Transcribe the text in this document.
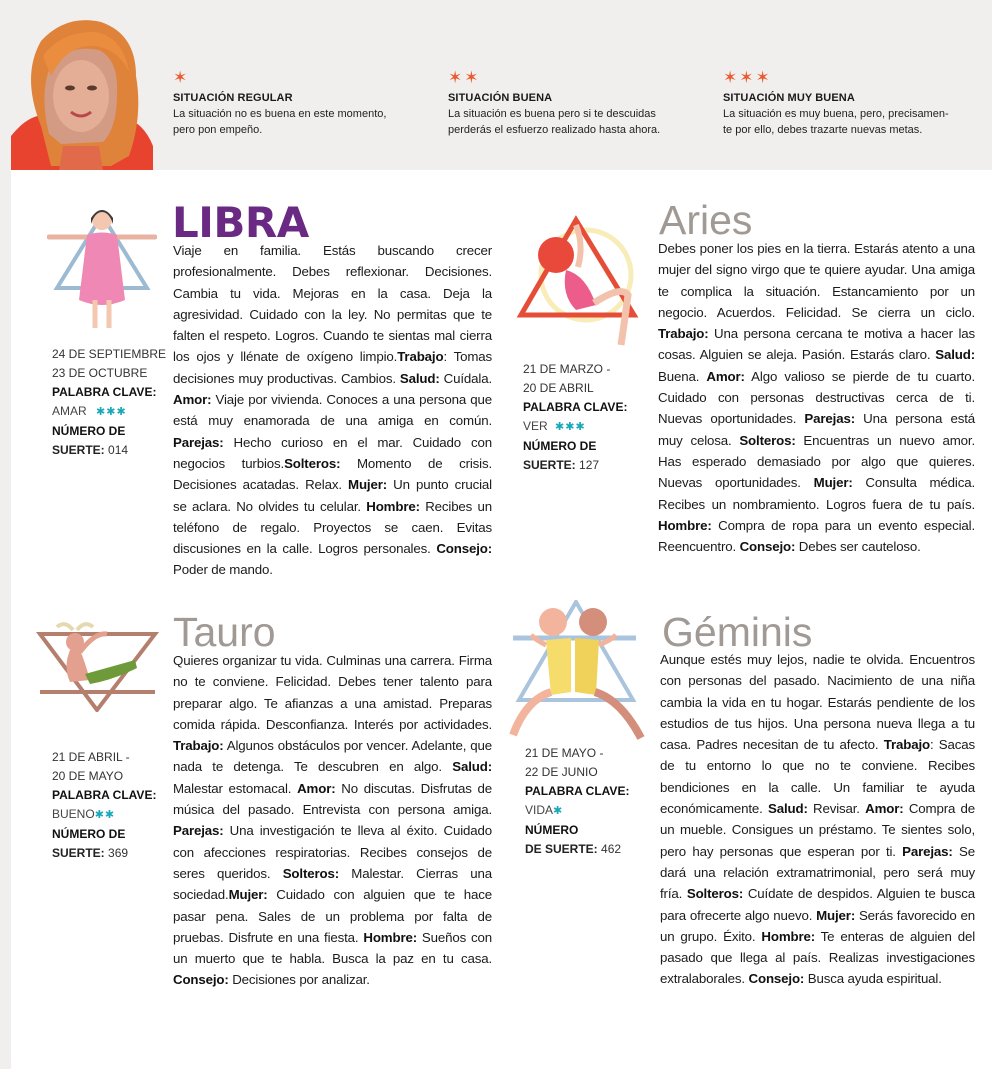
✶
SITUACIÓN REGULAR
La situación no es buena en este momento,
pero pon empeño.
✶✶
SITUACIÓN BUENA
La situación es buena pero si te descuidas
perderás el esfuerzo realizado hasta ahora.
✶✶✶
SITUACIÓN MUY BUENA
La situación es muy buena, pero, precisamen-
te por ello, debes trazarte nuevas metas.
24 DE SEPTIEMBRE
23 DE OCTUBRE
PALABRA CLAVE:
AMAR ✱✱✱
NÚMERO DE
SUERTE: 014
LIBRA
Viaje en familia. Estás buscando crecer profesionalmente. Debes reflexionar. Decisiones. Cambia tu vida. Mejoras en la casa. Deja la agresividad. Cuidado con la ley. No permitas que te falten el respeto. Logros. Cuando te sientas mal cierra los ojos y llénate de oxígeno limpio.Trabajo: Tomas decisiones muy productivas. Cambios. Salud: Cuídala. Amor: Viaje por vivienda. Conoces a una persona que está muy enamorada de una amiga en común. Parejas: Hecho curioso en el mar. Cuidado con negocios turbios.Solteros: Momento de crisis. Decisiones acatadas. Relax. Mujer: Un punto crucial se aclara. No olvides tu celular. Hombre: Recibes un teléfono de regalo. Proyectos se caen. Evitas discusiones en la calle. Logros personales. Consejo: Poder de mando.
21 DE MARZO -
20 DE ABRIL
PALABRA CLAVE:
VER ✱✱✱
NÚMERO DE
SUERTE: 127
Aries
Debes poner los pies en la tierra. Estarás atento a una mujer del signo virgo que te quiere ayudar. Una amiga te complica la situación. Estancamiento por un negocio. Acuerdos. Felicidad. Se cierra un ciclo. Trabajo: Una persona cercana te motiva a hacer las cosas. Alguien se aleja. Pasión. Estarás claro. Salud: Buena. Amor: Algo valioso se pierde de tu cuarto. Cuidado con personas destructivas cerca de ti. Nuevas oportunidades. Parejas: Una persona está muy celosa. Solteros: Encuentras un nuevo amor. Has esperado demasiado por algo que quieres. Nuevas oportunidades. Mujer: Consulta médica. Recibes un nombramiento. Logros fuera de tu país. Hombre: Compra de ropa para un evento especial. Reencuentro. Consejo: Debes ser cauteloso.
21 DE ABRIL -
20 DE MAYO
PALABRA CLAVE:
BUENO✱✱
NÚMERO DE
SUERTE: 369
Tauro
Quieres organizar tu vida. Culminas una carrera. Firma no te conviene. Felicidad. Debes tener talento para preparar algo. Te afianzas a una amistad. Preparas comida rápida. Desconfianza. Interés por actividades. Trabajo: Algunos obstáculos por vencer. Adelante, que nada te detenga. Te descubren en algo. Salud: Malestar estomacal. Amor: No discutas. Disfrutas de música del pasado. Entrevista con persona amiga. Parejas: Una investigación te lleva al éxito. Cuidado con afecciones respiratorias. Recibes consejos de seres queridos. Solteros: Malestar. Cierras una sociedad.Mujer: Cuidado con alguien que te hace pasar pena. Sales de un problema por falta de pruebas. Disfrute en una fiesta. Hombre: Sueños con un muerto que te habla. Busca la paz en tu casa. Consejo: Decisiones por analizar.
21 DE MAYO -
22 DE JUNIO
PALABRA CLAVE:
VIDA✱
NÚMERO
DE SUERTE: 462
Géminis
Aunque estés muy lejos, nadie te olvida. Encuentros con personas del pasado. Nacimiento de una niña cambia la vida en tu hogar. Estarás pendiente de los estudios de tus hijos. Una persona nueva llega a tu casa. Padres necesitan de tu afecto. Trabajo: Sacas de tu entorno lo que no te conviene. Recibes bendiciones en la calle. Un familiar te ayuda económicamente. Salud: Revisar. Amor: Compra de un mueble. Consigues un préstamo. Te sientes solo, pero hay personas que esperan por ti. Parejas: Se dará una relación extramatrimonial, pero será muy fría. Solteros: Cuídate de despidos. Alguien te busca para ofrecerte algo nuevo. Mujer: Serás favorecido en un grupo. Éxito. Hombre: Te enteras de alguien del pasado que llega al país. Realizas investigaciones extralaborales. Consejo: Busca ayuda espiritual.
